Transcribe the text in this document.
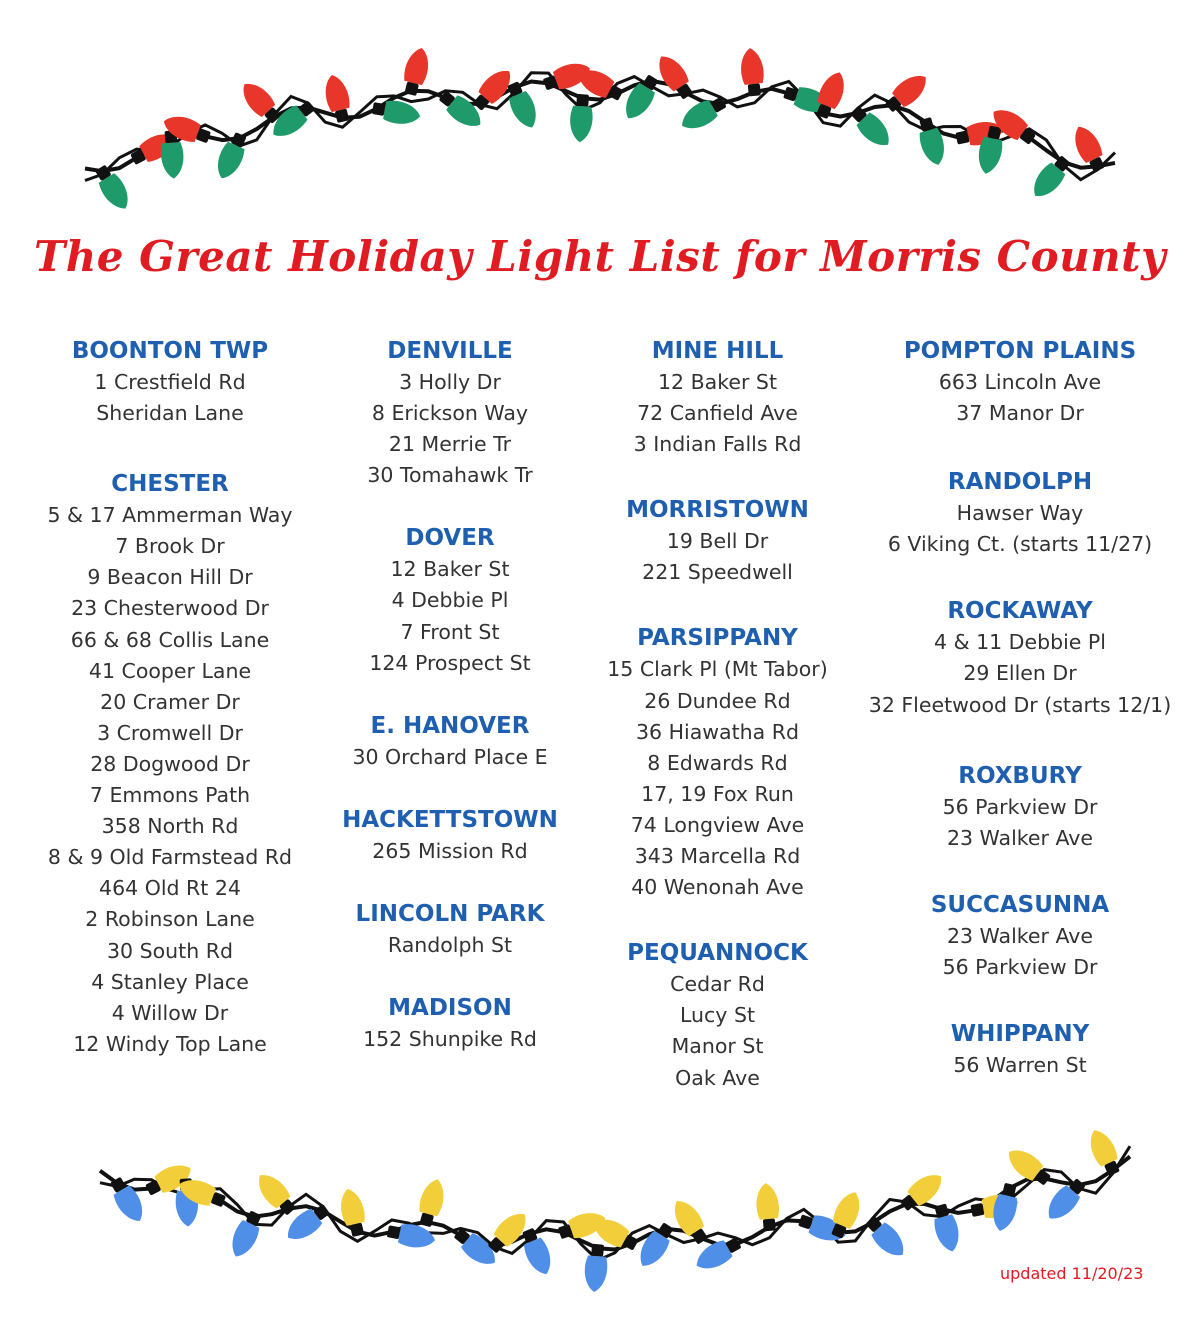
The Great Holiday Light List for Morris County
BOONTON TWP
1 Crestfield Rd
Sheridan Lane
CHESTER
5 & 17 Ammerman Way
7 Brook Dr
9 Beacon Hill Dr
23 Chesterwood Dr
66 & 68 Collis Lane
41 Cooper Lane
20 Cramer Dr
3 Cromwell Dr
28 Dogwood Dr
7 Emmons Path
358 North Rd
8 & 9 Old Farmstead Rd
464 Old Rt 24
2 Robinson Lane
30 South Rd
4 Stanley Place
4 Willow Dr
12 Windy Top Lane
DENVILLE
3 Holly Dr
8 Erickson Way
21 Merrie Tr
30 Tomahawk Tr
DOVER
12 Baker St
4 Debbie Pl
7 Front St
124 Prospect St
E. HANOVER
30 Orchard Place E
HACKETTSTOWN
265 Mission Rd
LINCOLN PARK
Randolph St
MADISON
152 Shunpike Rd
MINE HILL
12 Baker St
72 Canfield Ave
3 Indian Falls Rd
MORRISTOWN
19 Bell Dr
221 Speedwell
PARSIPPANY
15 Clark Pl (Mt Tabor)
26 Dundee Rd
36 Hiawatha Rd
8 Edwards Rd
17, 19 Fox Run
74 Longview Ave
343 Marcella Rd
40 Wenonah Ave
PEQUANNOCK
Cedar Rd
Lucy St
Manor St
Oak Ave
POMPTON PLAINS
663 Lincoln Ave
37 Manor Dr
RANDOLPH
Hawser Way
6 Viking Ct. (starts 11/27)
ROCKAWAY
4 & 11 Debbie Pl
29 Ellen Dr
32 Fleetwood Dr (starts 12/1)
ROXBURY
56 Parkview Dr
23 Walker Ave
SUCCASUNNA
23 Walker Ave
56 Parkview Dr
WHIPPANY
56 Warren St
updated 11/20/23
